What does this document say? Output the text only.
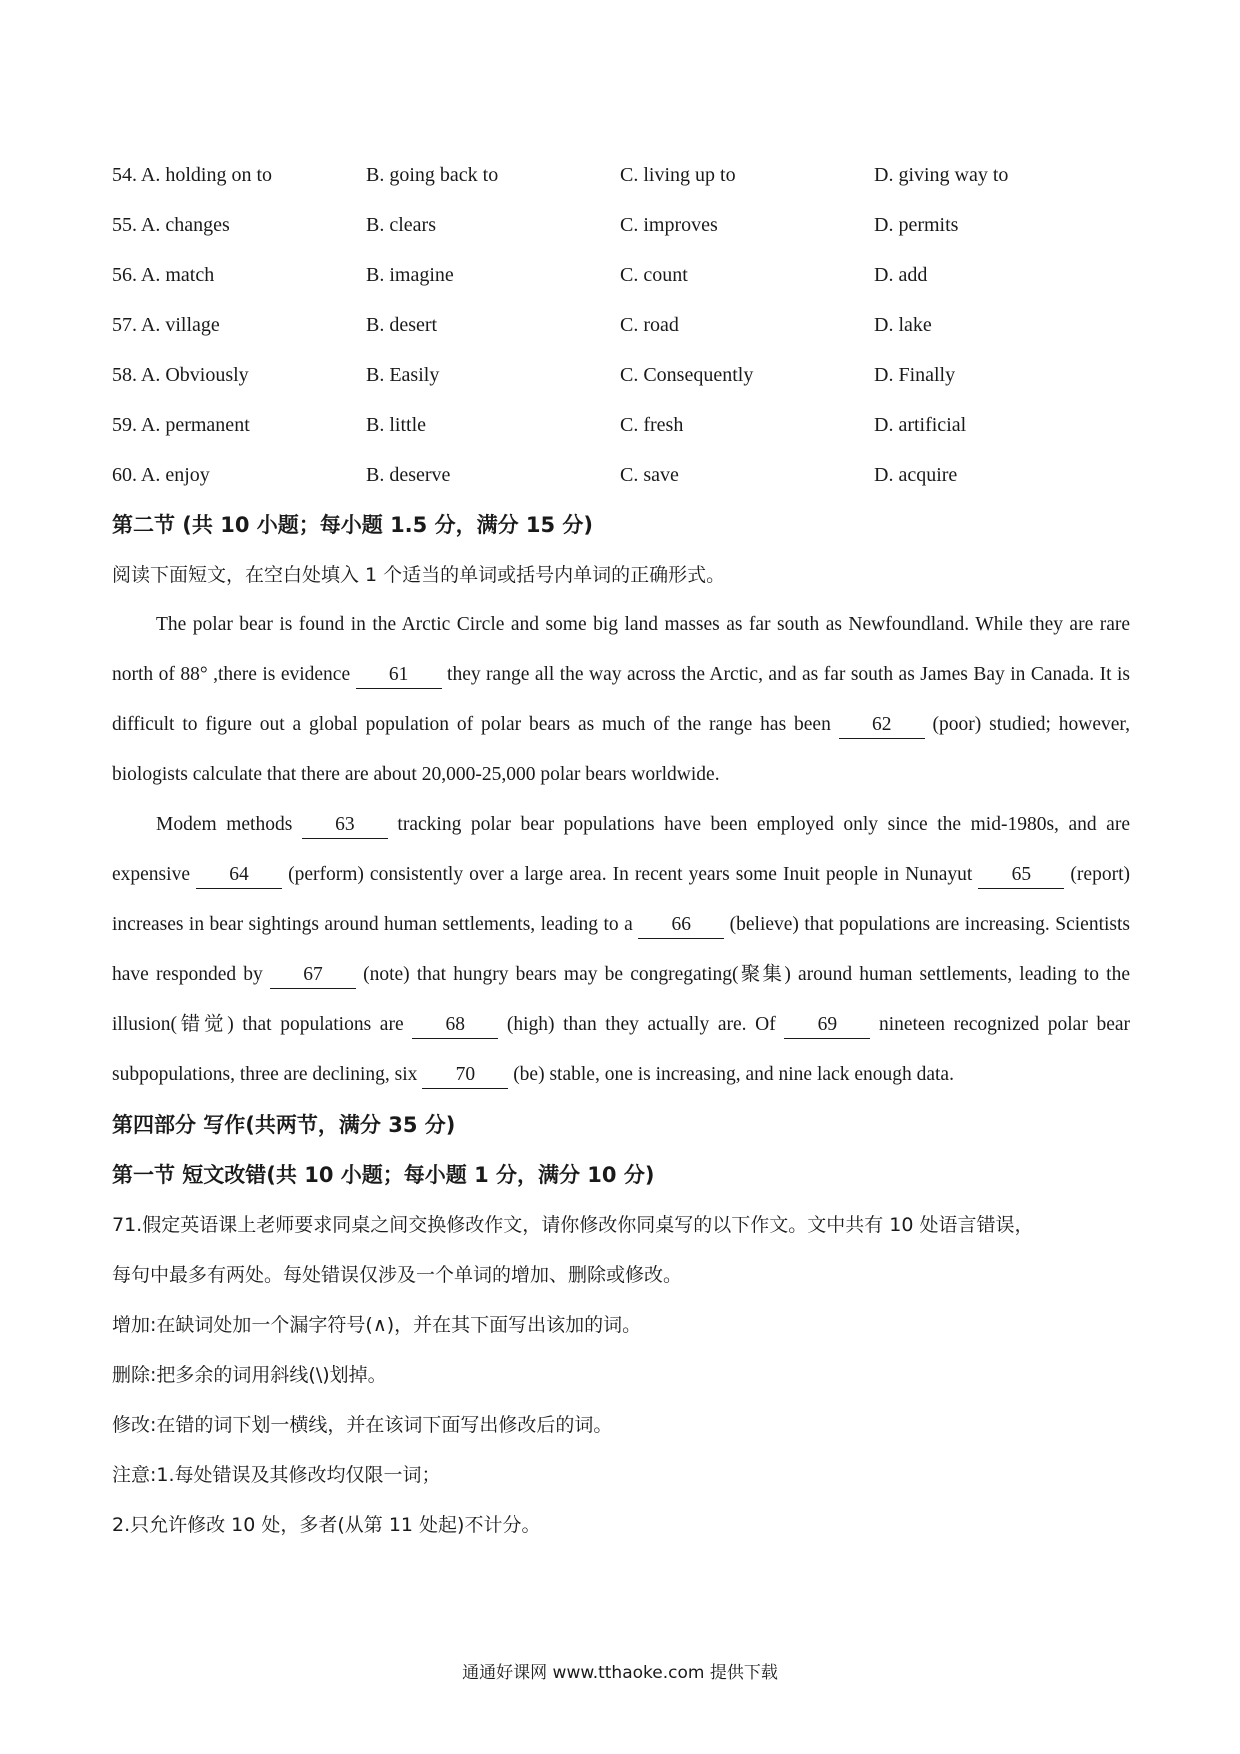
54. A. holding on to	B. going back to	C. living up to	D. giving way to
55. A. changes	B. clears	C. improves	D. permits
56. A. match	B. imagine	C. count	D. add
57. A. village	B. desert	C. road	D. lake
58. A. Obviously	B. Easily	C. Consequently	D. Finally
59. A. permanent	B. little	C. fresh	D. artificial
60. A. enjoy	B. deserve	C. save	D. acquire
第二节 (共 10 小题；每小题 1.5 分，满分 15 分)
阅读下面短文，在空白处填入 1 个适当的单词或括号内单词的正确形式。

The polar bear is found in the Arctic Circle and some big land masses as far south as Newfoundland. While they are rare north of 88° ,there is evidence 61 they range all the way across the Arctic, and as far south as James Bay in Canada. It is difficult to figure out a global population of polar bears as much of the range has been 62 (poor) studied; however, biologists calculate that there are about 20,000-25,000 polar bears worldwide.

Modem methods 63 tracking polar bear populations have been employed only since the mid-1980s, and are expensive 64 (perform) consistently over a large area. In recent years some Inuit people in Nunayut 65 (report) increases in bear sightings around human settlements, leading to a 66 (believe) that populations are increasing. Scientists have responded by 67 (note) that hungry bears may be congregating(聚集) around human settlements, leading to the illusion(错觉) that populations are 68 (high) than they actually are. Of 69 nineteen recognized polar bear subpopulations, three are declining, six 70 (be) stable, one is increasing, and nine lack enough data.

第四部分 写作(共两节，满分 35 分)
第一节 短文改错(共 10 小题；每小题 1 分，满分 10 分)
71.假定英语课上老师要求同桌之间交换修改作文，请你修改你同桌写的以下作文。文中共有 10 处语言错误，
每句中最多有两处。每处错误仅涉及一个单词的增加、删除或修改。
增加:在缺词处加一个漏字符号(∧)，并在其下面写出该加的词。
删除:把多余的词用斜线(\)划掉。
修改:在错的词下划一横线，并在该词下面写出修改后的词。
注意:1.每处错误及其修改均仅限一词；
2.只允许修改 10 处，多者(从第 11 处起)不计分。
通通好课网 www.tthaoke.com 提供下载
